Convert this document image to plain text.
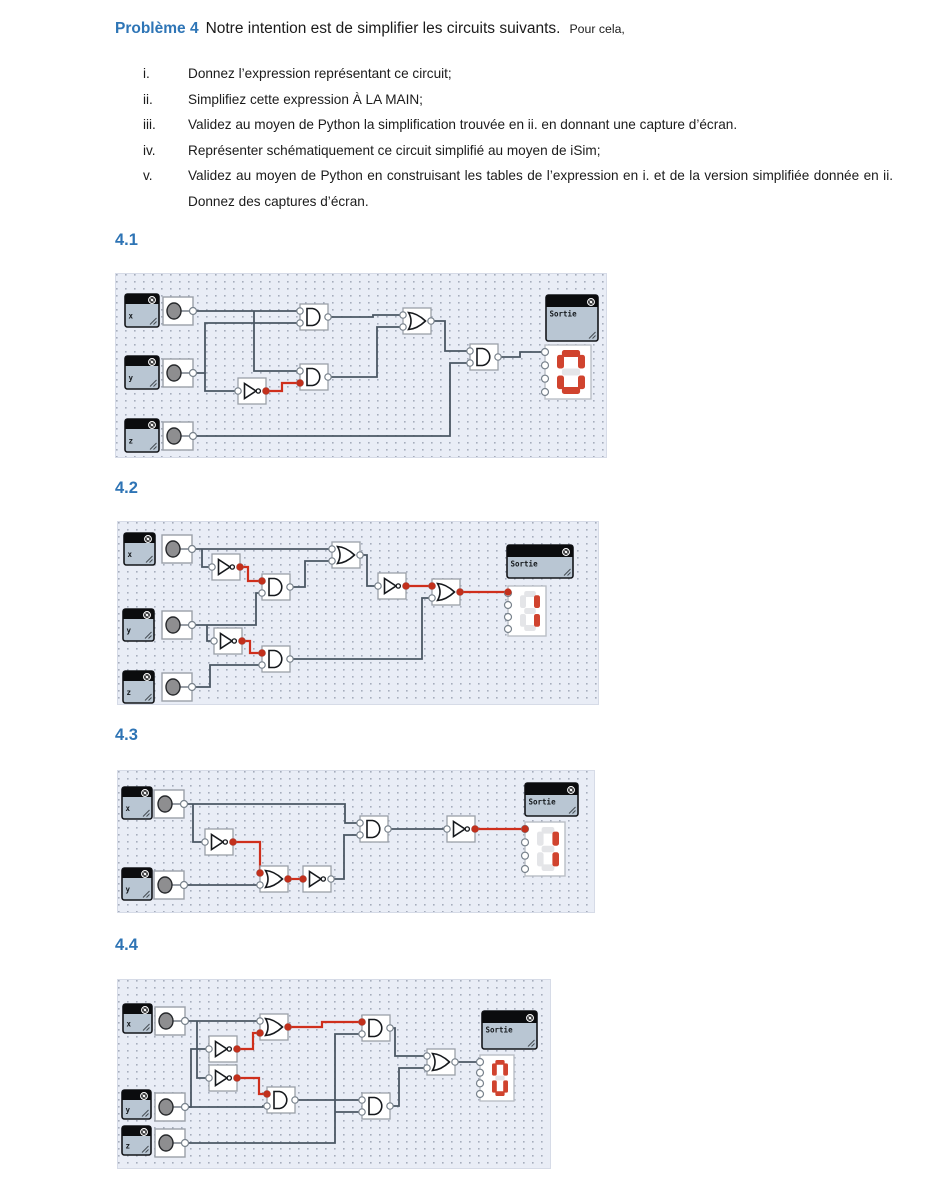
Problème 4 Notre intention est de simplifier les circuits suivants. Pour cela,

i.	Donnez l’expression représentant ce circuit;
ii.	Simplifiez cette expression À LA MAIN;
iii.	Validez au moyen de Python la simplification trouvée en ii. en donnant une capture d’écran.
iv.	Représenter schématiquement ce circuit simplifié au moyen de iSim;
v.	Validez au moyen de Python en construisant les tables de l’expression en i. et de la version simplifiée donnée en ii. Donnez des captures d’écran.
4.1
x
y
z
Sortie
0
4.2
x
y
z
Sortie
1
4.3
x
y
Sortie
1
4.4
x
y
z
Sortie
0
